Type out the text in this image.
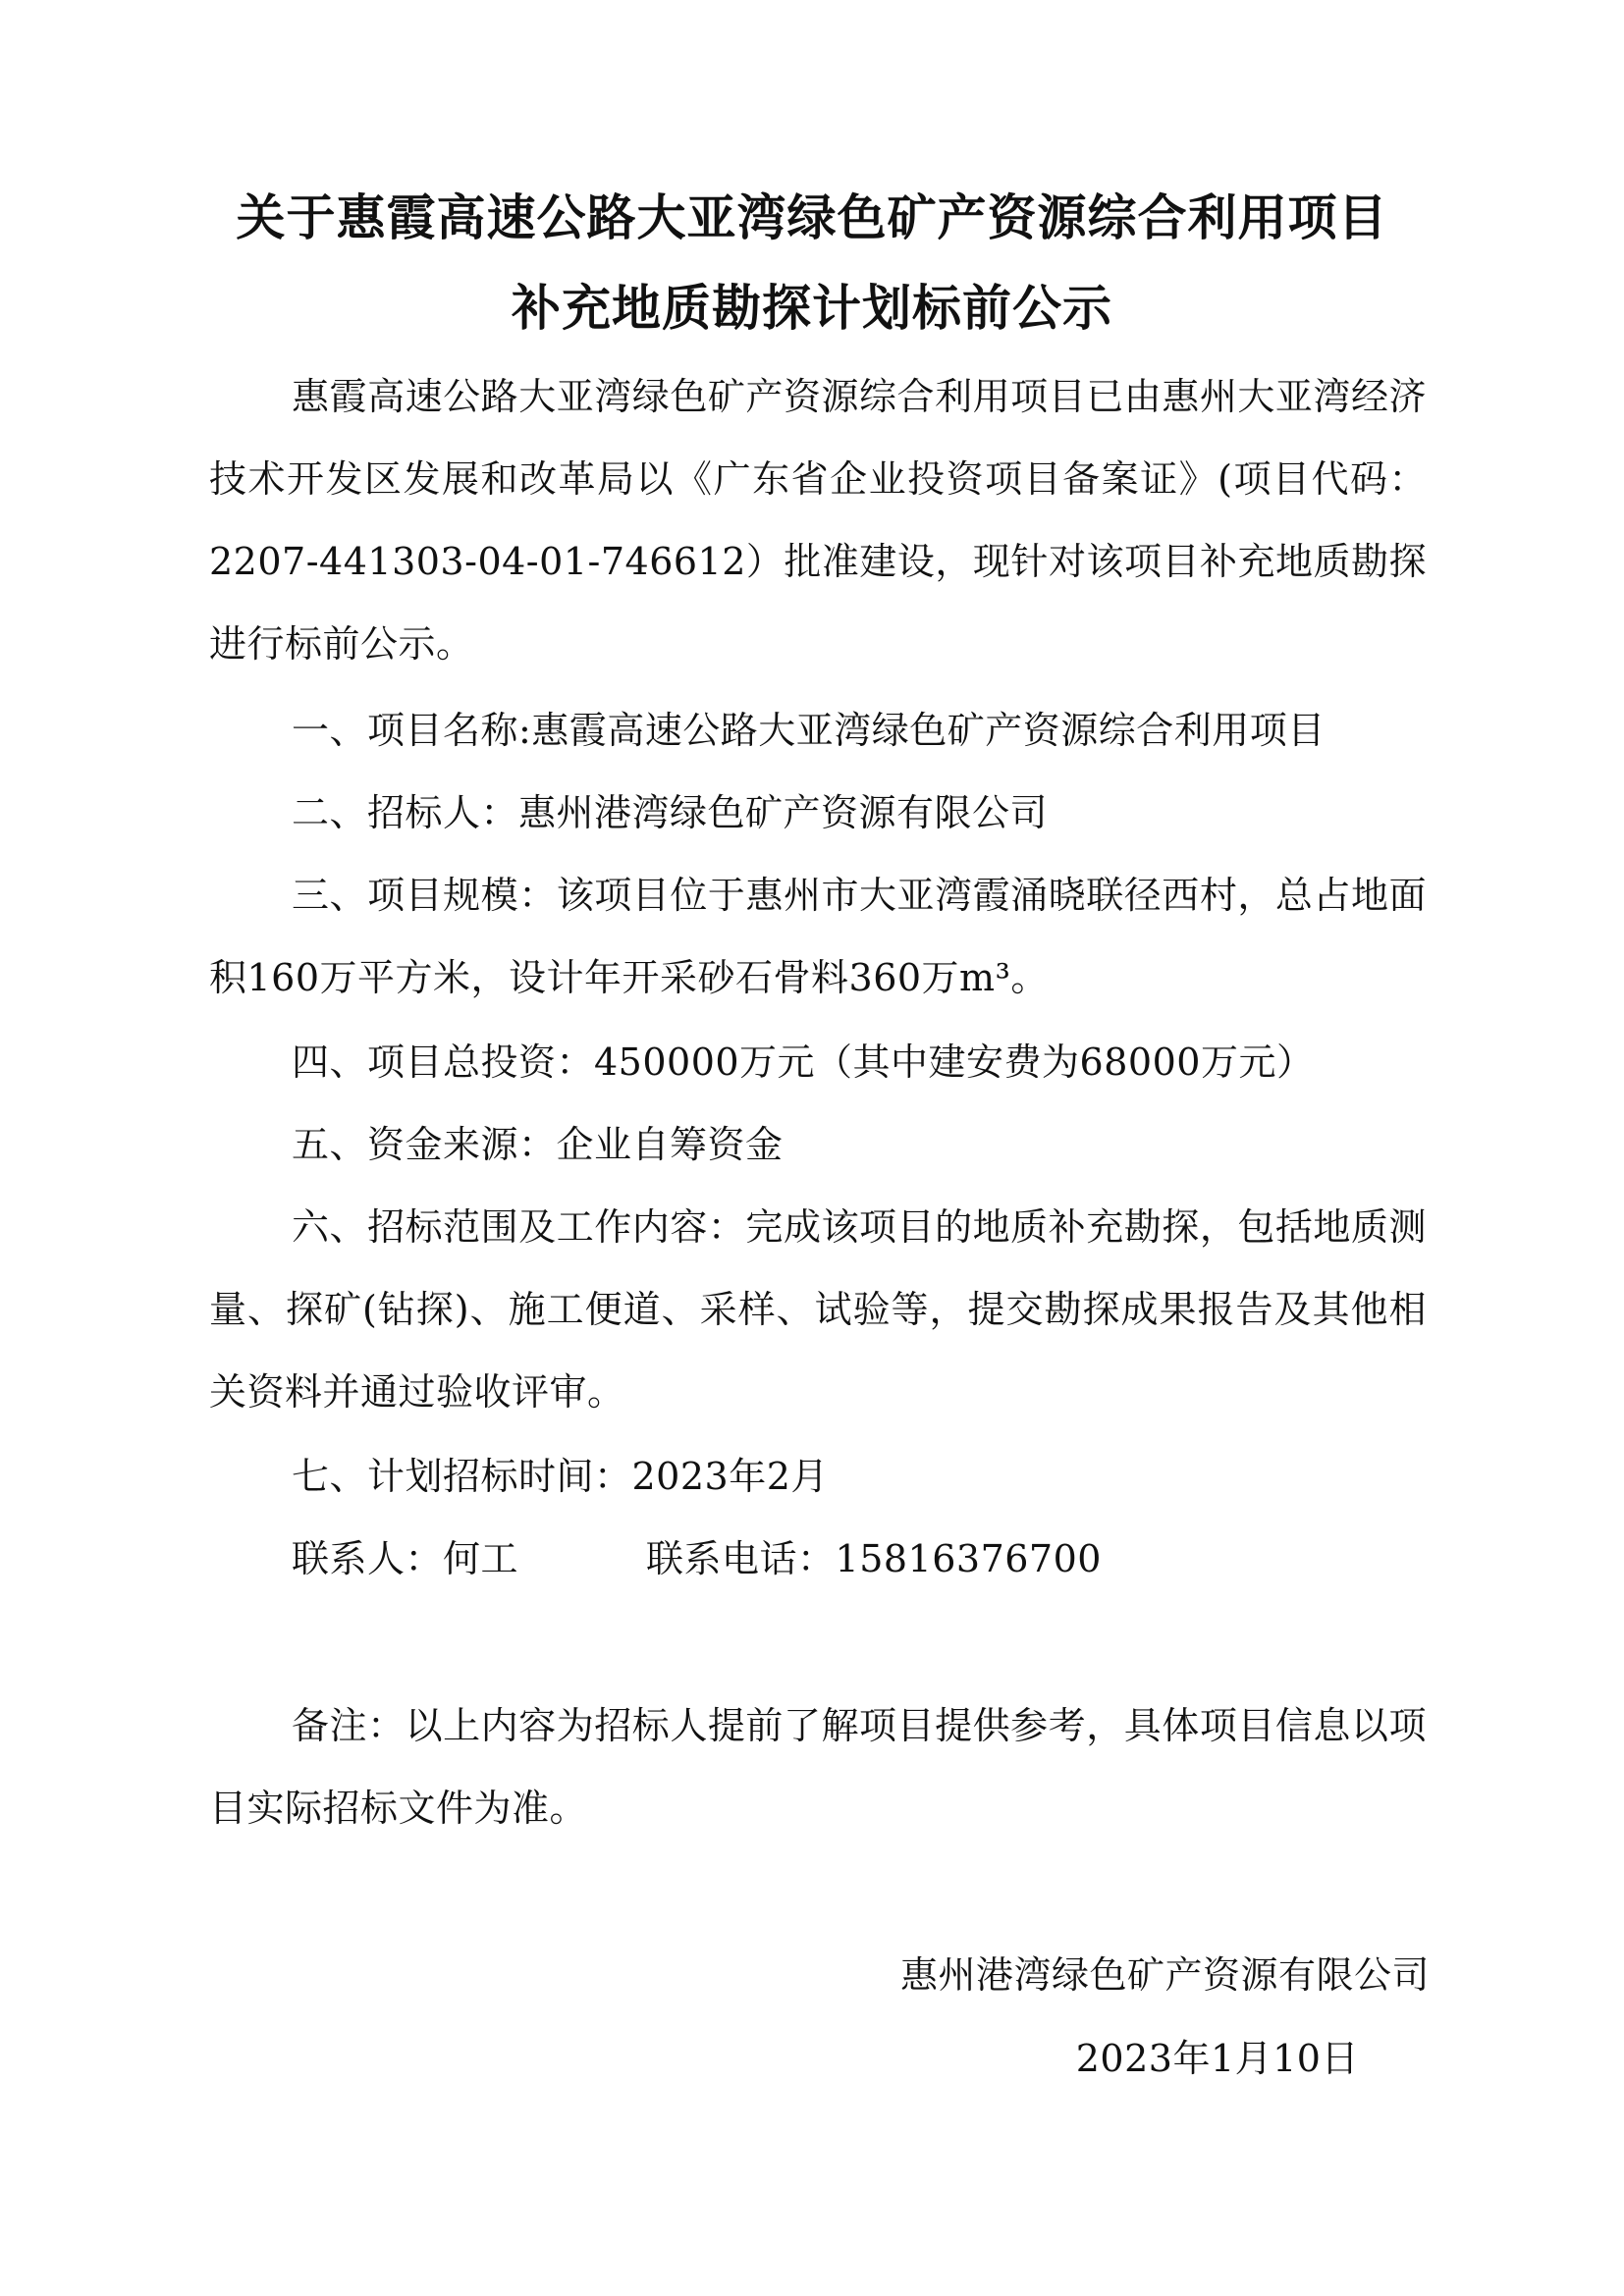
关于惠霞高速公路大亚湾绿色矿产资源综合利用项目
补充地质勘探计划标前公示

惠霞高速公路大亚湾绿色矿产资源综合利用项目已由惠州大亚湾经济技术开发区发展和改革局以《广东省企业投资项目备案证》(项目代码：2207-441303-04-01-746612）批准建设，现针对该项目补充地质勘探进行标前公示。

一、项目名称:惠霞高速公路大亚湾绿色矿产资源综合利用项目

二、招标人：惠州港湾绿色矿产资源有限公司

三、项目规模：该项目位于惠州市大亚湾霞涌晓联径西村，总占地面积160万平方米，设计年开采砂石骨料360万m³。

四、项目总投资：450000万元（其中建安费为68000万元）

五、资金来源：企业自筹资金

六、招标范围及工作内容：完成该项目的地质补充勘探，包括地质测量、探矿(钻探)、施工便道、采样、试验等，提交勘探成果报告及其他相关资料并通过验收评审。

七、计划招标时间：2023年2月

联系人：何工	联系电话：15816376700

备注：以上内容为招标人提前了解项目提供参考，具体项目信息以项目实际招标文件为准。

惠州港湾绿色矿产资源有限公司

2023年1月10日
